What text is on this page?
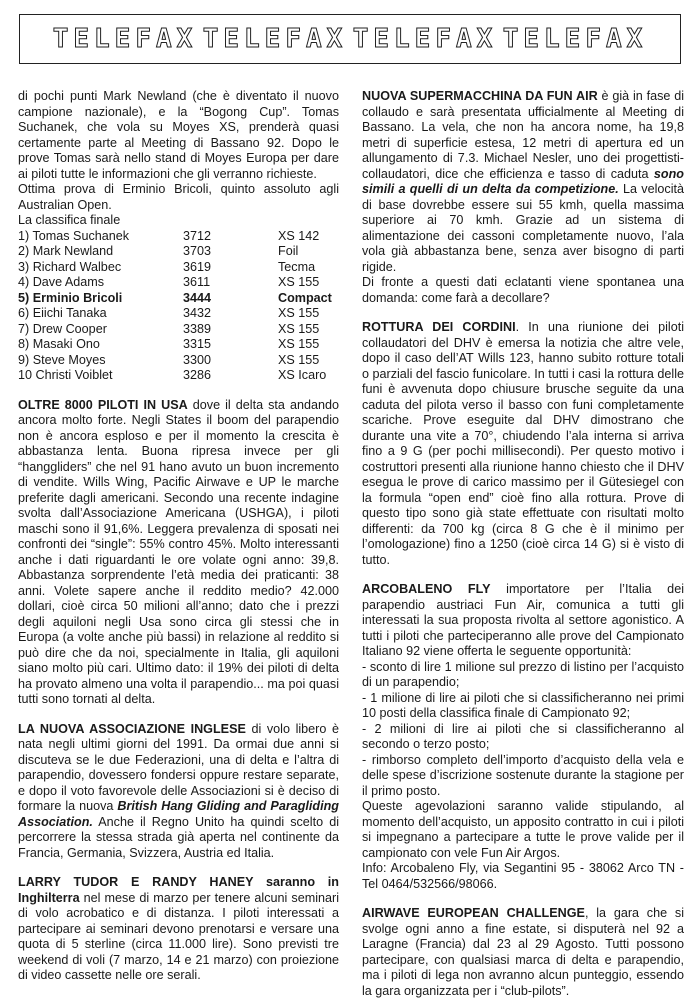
TELEFAX TELEFAX TELEFAX TELEFAX

di pochi punti Mark Newland (che è diventato il nuovo campione nazionale), e la “Bogong Cup”. Tomas Suchanek, che vola su Moyes XS, prenderà quasi certamente parte al Meeting di Bassano 92. Dopo le prove Tomas sarà nello stand di Moyes Europa per dare ai piloti tutte le informazioni che gli verranno richieste.

Ottima prova di Erminio Bricoli, quinto assoluto agli Australian Open.

La classifica finale

1) Tomas Suchanek	3712	XS 142
2) Mark Newland	3703	Foil
3) Richard Walbec	3619	Tecma
4) Dave Adams	3611	XS 155
5) Erminio Bricoli	3444	Compact
6) Eiichi Tanaka	3432	XS 155
7) Drew Cooper	3389	XS 155
8) Masaki Ono	3315	XS 155
9) Steve Moyes	3300	XS 155
10 Christi Voiblet	3286	XS Icaro

OLTRE 8000 PILOTI IN USA dove il delta sta andando ancora molto forte. Negli States il boom del parapendio non è ancora esploso e per il momento la crescita è abbastanza lenta. Buona ripresa invece per gli “hanggliders” che nel 91 hano avuto un buon incremento di vendite. Wills Wing, Pacific Airwave e UP le marche preferite dagli americani. Secondo una recente indagine svolta dall’Associazione Americana (USHGA), i piloti maschi sono il 91,6%. Leggera prevalenza di sposati nei confronti dei “single”: 55% contro 45%. Molto interessanti anche i dati riguardanti le ore volate ogni anno: 39,8. Abbastanza sorprendente l’età media dei praticanti: 38 anni. Volete sapere anche il reddito medio? 42.000 dollari, cioè circa 50 milioni all’anno; dato che i prezzi degli aquiloni negli Usa sono circa gli stessi che in Europa (a volte anche più bassi) in relazione al reddito si può dire che da noi, specialmente in Italia, gli aquiloni siano molto più cari. Ultimo dato: il 19% dei piloti di delta ha provato almeno una volta il parapendio... ma poi quasi tutti sono tornati al delta.

LA NUOVA ASSOCIAZIONE INGLESE di volo libero è nata negli ultimi giorni del 1991. Da ormai due anni si discuteva se le due Federazioni, una di delta e l’altra di parapendio, dovessero fondersi oppure restare separate, e dopo il voto favorevole delle Associazioni si è deciso di formare la nuova British Hang Gliding and Paragliding Association. Anche il Regno Unito ha quindi scelto di percorrere la stessa strada già aperta nel continente da Francia, Germania, Svizzera, Austria ed Italia.

LARRY TUDOR E RANDY HANEY saranno in Inghilterra nel mese di marzo per tenere alcuni seminari di volo acrobatico e di distanza. I piloti interessati a partecipare ai seminari devono prenotarsi e versare una quota di 5 sterline (circa 11.000 lire). Sono previsti tre weekend di voli (7 marzo, 14 e 21 marzo) con proiezione di video cassette nelle ore serali.

NUOVA SUPERMACCHINA DA FUN AIR è già in fase di collaudo e sarà presentata ufficialmente al Meeting di Bassano. La vela, che non ha ancora nome, ha 19,8 metri di superficie estesa, 12 metri di apertura ed un allungamento di 7.3. Michael Nesler, uno dei progettisti-collaudatori, dice che efficienza e tasso di caduta sono simili a quelli di un delta da competizione. La velocità di base dovrebbe essere sui 55 kmh, quella massima superiore ai 70 kmh. Grazie ad un sistema di alimentazione dei cassoni completamente nuovo, l’ala vola già abbastanza bene, senza aver bisogno di parti rigide.

Di fronte a questi dati eclatanti viene spontanea una domanda: come farà a decollare?

ROTTURA DEI CORDINI. In una riunione dei piloti collaudatori del DHV è emersa la notizia che altre vele, dopo il caso dell’AT Wills 123, hanno subito rotture totali o parziali del fascio funicolare. In tutti i casi la rottura delle funi è avvenuta dopo chiusure brusche seguite da una caduta del pilota verso il basso con funi completamente scariche. Prove eseguite dal DHV dimostrano che durante una vite a 70°, chiudendo l’ala interna si arriva fino a 9 G (per pochi millisecondi). Per questo motivo i costruttori presenti alla riunione hanno chiesto che il DHV esegua le prove di carico massimo per il Gütesiegel con la formula “open end” cioè fino alla rottura. Prove di questo tipo sono già state effettuate con risultati molto differenti: da 700 kg (circa 8 G che è il minimo per l’omologazione) fino a 1250 (cioè circa 14 G) si è visto di tutto.

ARCOBALENO FLY importatore per l’Italia dei parapendio austriaci Fun Air, comunica a tutti gli interessati la sua proposta rivolta al settore agonistico. A tutti i piloti che parteciperanno alle prove del Campionato Italiano 92 viene offerta le seguente opportunità:

- sconto di lire 1 milione sul prezzo di listino per l’acquisto di un parapendio;

- 1 milione di lire ai piloti che si classificheranno nei primi 10 posti della classifica finale di Campionato 92;

- 2 milioni di lire ai piloti che si classificheranno al secondo o terzo posto;

- rimborso completo dell’importo d’acquisto della vela e delle spese d’iscrizione sostenute durante la stagione per il primo posto.

Queste agevolazioni saranno valide stipulando, al momento dell’acquisto, un apposito contratto in cui i piloti si impegnano a partecipare a tutte le prove valide per il campionato con vele Fun Air Argos.

Info: Arcobaleno Fly, via Segantini 95 - 38062 Arco TN - Tel 0464/532566/98066.

AIRWAVE EUROPEAN CHALLENGE, la gara che si svolge ogni anno a fine estate, si disputerà nel 92 a Laragne (Francia) dal 23 al 29 Agosto. Tutti possono partecipare, con qualsiasi marca di delta e parapendio, ma i piloti di lega non avranno alcun punteggio, essendo la gara organizzata per i “club-pilots”.
